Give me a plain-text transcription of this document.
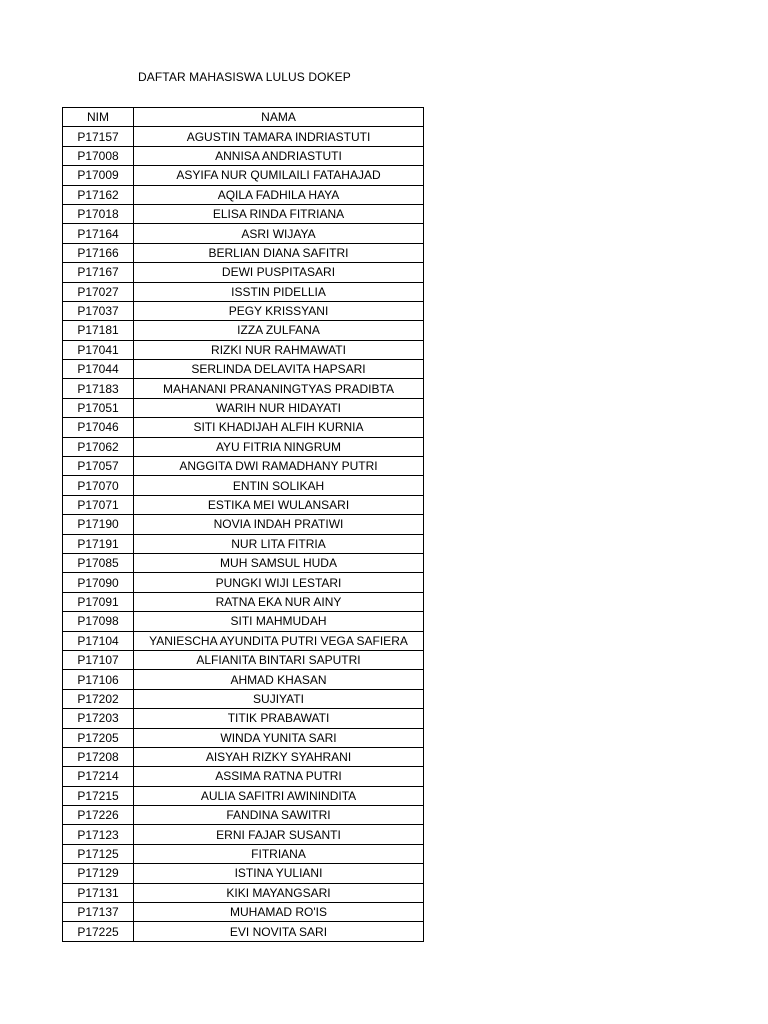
DAFTAR MAHASISWA LULUS DOKEP
NIM	NAMA
P17157	AGUSTIN TAMARA INDRIASTUTI
P17008	ANNISA ANDRIASTUTI
P17009	ASYIFA NUR QUMILAILI FATAHAJAD
P17162	AQILA FADHILA HAYA
P17018	ELISA RINDA FITRIANA
P17164	ASRI WIJAYA
P17166	BERLIAN DIANA SAFITRI
P17167	DEWI PUSPITASARI
P17027	ISSTIN PIDELLIA
P17037	PEGY KRISSYANI
P17181	IZZA ZULFANA
P17041	RIZKI NUR RAHMAWATI
P17044	SERLINDA DELAVITA HAPSARI
P17183	MAHANANI PRANANINGTYAS PRADIBTA
P17051	WARIH NUR HIDAYATI
P17046	SITI KHADIJAH ALFIH KURNIA
P17062	AYU FITRIA NINGRUM
P17057	ANGGITA DWI RAMADHANY PUTRI
P17070	ENTIN SOLIKAH
P17071	ESTIKA MEI WULANSARI
P17190	NOVIA INDAH PRATIWI
P17191	NUR LITA FITRIA
P17085	MUH SAMSUL HUDA
P17090	PUNGKI WIJI LESTARI
P17091	RATNA EKA NUR AINY
P17098	SITI MAHMUDAH
P17104	YANIESCHA AYUNDITA PUTRI VEGA SAFIERA
P17107	ALFIANITA BINTARI SAPUTRI
P17106	AHMAD KHASAN
P17202	SUJIYATI
P17203	TITIK PRABAWATI
P17205	WINDA YUNITA SARI
P17208	AISYAH RIZKY SYAHRANI
P17214	ASSIMA RATNA PUTRI
P17215	AULIA SAFITRI AWININDITA
P17226	FANDINA SAWITRI
P17123	ERNI FAJAR SUSANTI
P17125	FITRIANA
P17129	ISTINA YULIANI
P17131	KIKI MAYANGSARI
P17137	MUHAMAD RO'IS
P17225	EVI NOVITA SARI
